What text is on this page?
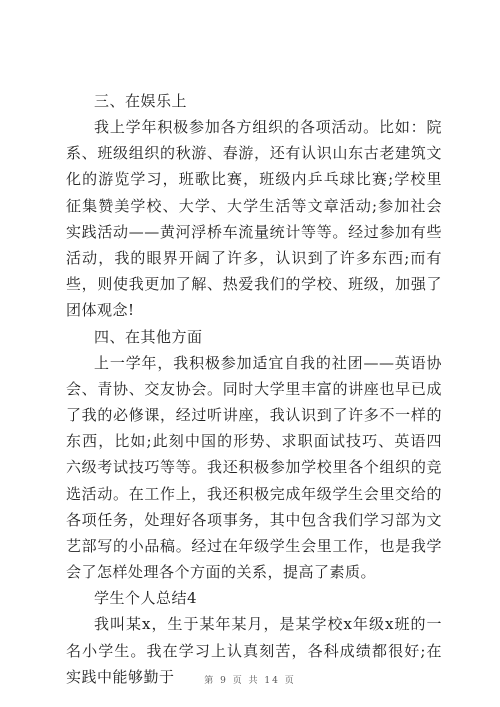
三、在娱乐上

我上学年积极参加各方组织的各项活动。比如：院系、班级组织的秋游、春游，还有认识山东古老建筑文化的游览学习，班歌比赛，班级内乒乓球比赛;学校里征集赞美学校、大学、大学生活等文章活动;参加社会实践活动——黄河浮桥车流量统计等等。经过参加有些活动，我的眼界开阔了许多，认识到了许多东西;而有些，则使我更加了解、热爱我们的学校、班级，加强了团体观念!

四、在其他方面

上一学年，我积极参加适宜自我的社团——英语协会、青协、交友协会。同时大学里丰富的讲座也早已成了我的必修课，经过听讲座，我认识到了许多不一样的东西，比如;此刻中国的形势、求职面试技巧、英语四六级考试技巧等等。我还积极参加学校里各个组织的竞选活动。在工作上，我还积极完成年级学生会里交给的各项任务，处理好各项事务，其中包含我们学习部为文艺部写的小品稿。经过在年级学生会里工作，也是我学会了怎样处理各个方面的关系，提高了素质。

学生个人总结4

我叫某x，生于某年某月，是某学校x年级x班的一名小学生。我在学习上认真刻苦，各科成绩都很好;在实践中能够勤于	第 9 页 共 14 页
